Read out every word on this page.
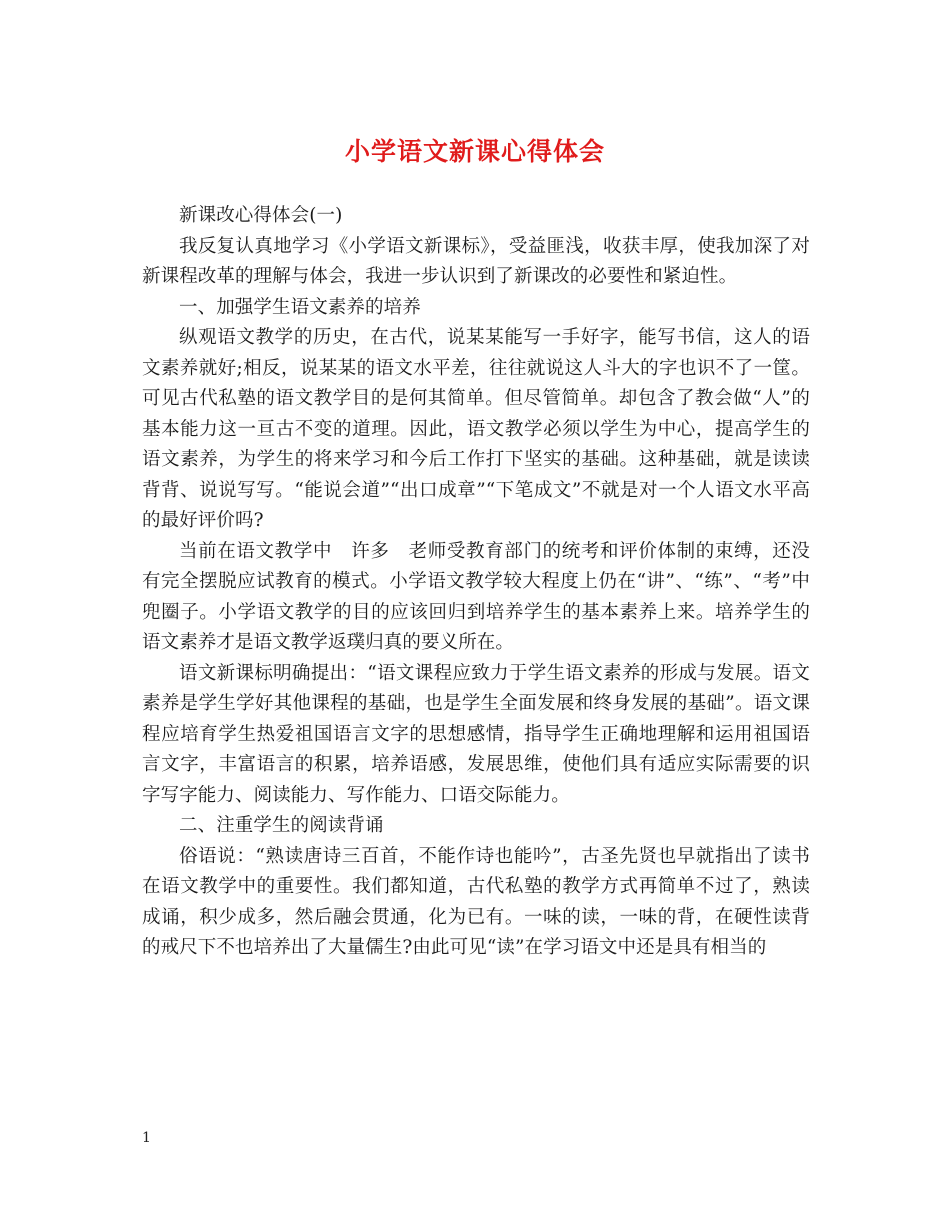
小学语文新课心得体会

新课改心得体会(一)

我反复认真地学习《小学语文新课标》，受益匪浅，收获丰厚，使我加深了对新课程改革的理解与体会，我进一步认识到了新课改的必要性和紧迫性。

一、加强学生语文素养的培养

纵观语文教学的历史，在古代，说某某能写一手好字，能写书信，这人的语文素养就好;相反，说某某的语文水平差，往往就说这人斗大的字也识不了一筐。可见古代私塾的语文教学目的是何其简单。但尽管简单。却包含了教会做“人”的基本能力这一亘古不变的道理。因此，语文教学必须以学生为中心，提高学生的语文素养，为学生的将来学习和今后工作打下坚实的基础。这种基础，就是读读背背、说说写写。“能说会道”“出口成章”“下笔成文”不就是对一个人语文水平高的最好评价吗?

当前在语文教学中　许多　老师受教育部门的统考和评价体制的束缚，还没有完全摆脱应试教育的模式。小学语文教学较大程度上仍在“讲”、“练”、“考”中兜圈子。小学语文教学的目的应该回归到培养学生的基本素养上来。培养学生的语文素养才是语文教学返璞归真的要义所在。

语文新课标明确提出：“语文课程应致力于学生语文素养的形成与发展。语文素养是学生学好其他课程的基础，也是学生全面发展和终身发展的基础”。语文课程应培育学生热爱祖国语言文字的思想感情，指导学生正确地理解和运用祖国语言文字，丰富语言的积累，培养语感，发展思维，使他们具有适应实际需要的识字写字能力、阅读能力、写作能力、口语交际能力。

二、注重学生的阅读背诵

俗语说：“熟读唐诗三百首，不能作诗也能吟”，古圣先贤也早就指出了读书在语文教学中的重要性。我们都知道，古代私塾的教学方式再简单不过了，熟读成诵，积少成多，然后融会贯通，化为已有。一味的读，一味的背，在硬性读背的戒尺下不也培养出了大量儒生?由此可见“读”在学习语文中还是具有相当的

1
